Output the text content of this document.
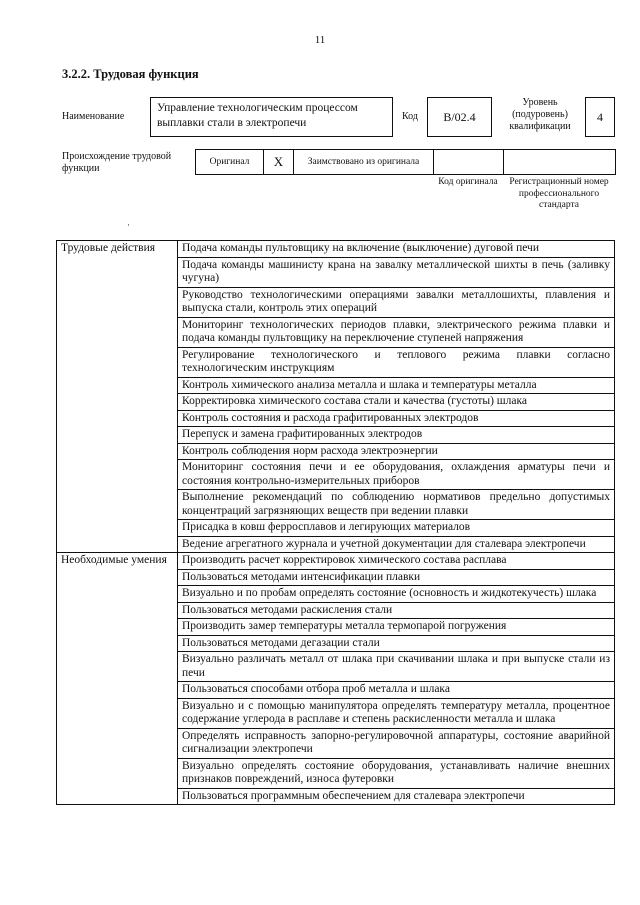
11
3.2.2. Трудовая функция
Наименование
Управление технологическим процессом выплавки стали в электропечи
Код	B/02.4
Уровень (подуровень) квалификации
4
Происхождение трудовой функции
Оригинал	X	Заимствовано из оригинала		
Код оригинала	Регистрационный номер профессионального стандарта
·
Трудовые действия	Подача команды пультовщику на включение (выключение) дуговой печи
	Подача команды машинисту крана на завалку металлической шихты в печь (заливку чугуна)
	Руководство технологическими операциями завалки металлошихты, плавления и выпуска стали, контроль этих операций
	Мониторинг технологических периодов плавки, электрического режима плавки и подача команды пультовщику на переключение ступеней напряжения
	Регулирование технологического и теплового режима плавки согласно технологическим инструкциям
	Контроль химического анализа металла и шлака и температуры металла
	Корректировка химического состава стали и качества (густоты) шлака
	Контроль состояния и расхода графитированных электродов
	Перепуск и замена графитированных электродов
	Контроль соблюдения норм расхода электроэнергии
	Мониторинг состояния печи и ее оборудования, охлаждения арматуры печи и состояния контрольно-измерительных приборов
	Выполнение рекомендаций по соблюдению нормативов предельно допустимых концентраций загрязняющих веществ при ведении плавки
	Присадка в ковш ферросплавов и легирующих материалов
	Ведение агрегатного журнала и учетной документации для сталевара электропечи
Необходимые умения	Производить расчет корректировок химического состава расплава
	Пользоваться методами интенсификации плавки
	Визуально и по пробам определять состояние (основность и жидкотекучесть) шлака
	Пользоваться методами раскисления стали
	Производить замер температуры металла термопарой погружения
	Пользоваться методами дегазации стали
	Визуально различать металл от шлака при скачивании шлака и при выпуске стали из печи
	Пользоваться способами отбора проб металла и шлака
	Визуально и с помощью манипулятора определять температуру металла, процентное содержание углерода в расплаве и степень раскисленности металла и шлака
	Определять исправность запорно-регулировочной аппаратуры, состояние аварийной сигнализации электропечи
	Визуально определять состояние оборудования, устанавливать наличие внешних признаков повреждений, износа футеровки
	Пользоваться программным обеспечением для сталевара электропечи
